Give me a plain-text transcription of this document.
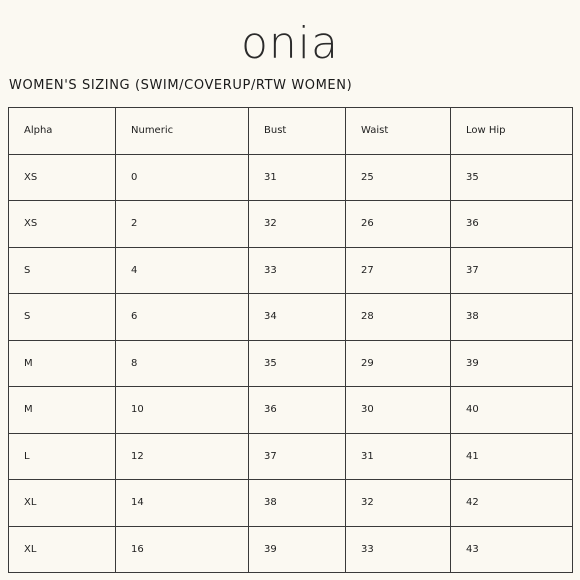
onia
WOMEN'S SIZING (SWIM/COVERUP/RTW WOMEN)
Alpha	Numeric	Bust	Waist	Low Hip
XS	0	31	25	35
XS	2	32	26	36
S	4	33	27	37
S	6	34	28	38
M	8	35	29	39
M	10	36	30	40
L	12	37	31	41
XL	14	38	32	42
XL	16	39	33	43
